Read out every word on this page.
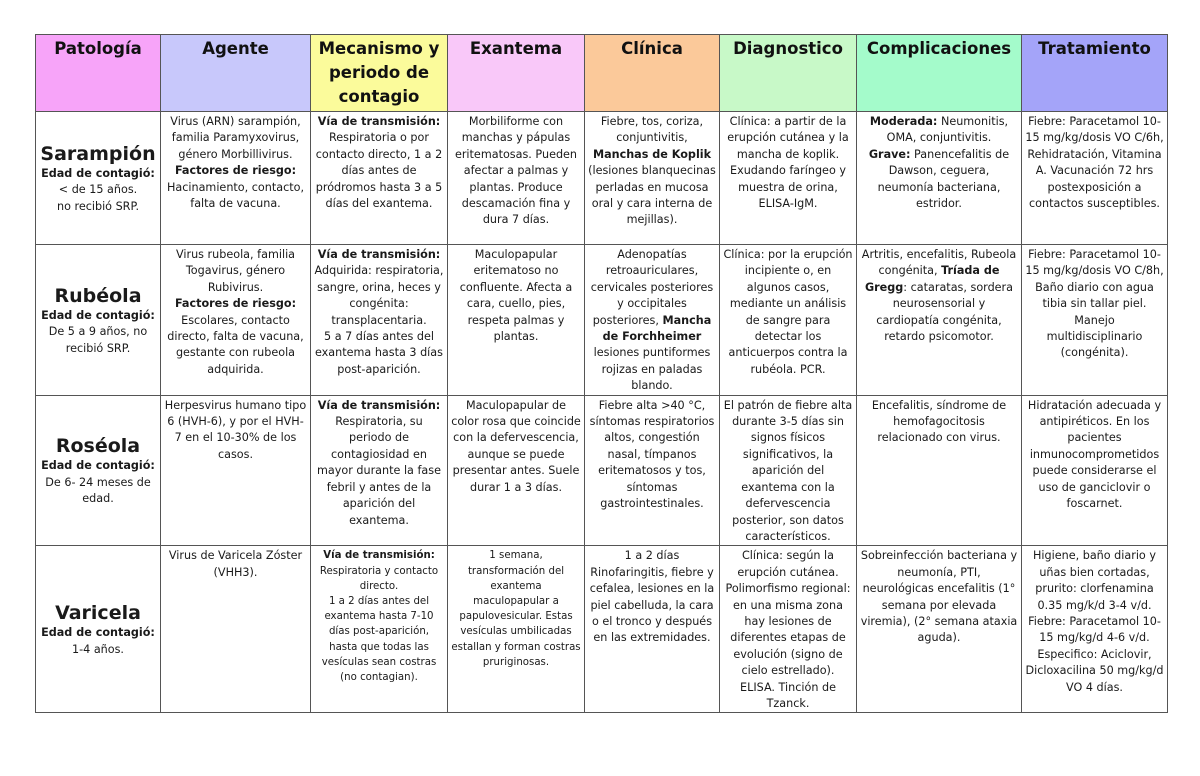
Patología	Agente	Mecanismo y periodo de contagio	Exantema	Clínica	Diagnostico	Complicaciones	Tratamiento

Sarampión
Edad de contagió:
< de 15 años.
no recibió SRP.	Virus (ARN) sarampión, familia Paramyxovirus, género Morbillivirus.
Factores de riesgo:
Hacinamiento, contacto, falta de vacuna.	Vía de transmisión:
Respiratoria o por contacto directo, 1 a 2 días antes de pródromos hasta 3 a 5 días del exantema.	Morbiliforme con manchas y pápulas eritematosas. Pueden afectar a palmas y plantas. Produce descamación fina y dura 7 días.	Fiebre, tos, coriza, conjuntivitis, Manchas de Koplik (lesiones blanquecinas perladas en mucosa oral y cara interna de mejillas).	Clínica: a partir de la erupción cutánea y la mancha de koplik. Exudando faríngeo y muestra de orina, ELISA-IgM.	Moderada: Neumonitis, OMA, conjuntivitis.
Grave: Panencefalitis de Dawson, ceguera, neumonía bacteriana, estridor.	Fiebre: Paracetamol 10-15 mg/kg/dosis VO C/6h, Rehidratación, Vitamina A. Vacunación 72 hrs postexposición a contactos susceptibles.

Rubéola
Edad de contagió:
De 5 a 9 años, no recibió SRP.	Virus rubeola, familia Togavirus, género Rubivirus.
Factores de riesgo:
Escolares, contacto directo, falta de vacuna, gestante con rubeola adquirida.	Vía de transmisión:
Adquirida: respiratoria, sangre, orina, heces y congénita: transplacentaria.
5 a 7 días antes del exantema hasta 3 días post-aparición.	Maculopapular eritematoso no confluente. Afecta a cara, cuello, pies, respeta palmas y plantas.	Adenopatías retroauriculares, cervicales posteriores y occipitales posteriores, Mancha de Forchheimer lesiones puntiformes rojizas en paladas blando.	Clínica: por la erupción incipiente o, en algunos casos, mediante un análisis de sangre para detectar los anticuerpos contra la rubéola. PCR.	Artritis, encefalitis, Rubeola congénita, Tríada de Gregg: cataratas, sordera neurosensorial y cardiopatía congénita, retardo psicomotor.	Fiebre: Paracetamol 10-15 mg/kg/dosis VO C/8h, Baño diario con agua tibia sin tallar piel. Manejo multidisciplinario (congénita).

Roséola
Edad de contagió:
De 6- 24 meses de edad.	Herpesvirus humano tipo 6 (HVH-6), y por el HVH-7 en el 10-30% de los casos.	Vía de transmisión:
Respiratoria, su periodo de contagiosidad en mayor durante la fase febril y antes de la aparición del exantema.	Maculopapular de color rosa que coincide con la defervescencia, aunque se puede presentar antes. Suele durar 1 a 3 días.	Fiebre alta >40 °C, síntomas respiratorios altos, congestión nasal, tímpanos eritematosos y tos, síntomas gastrointestinales.	El patrón de fiebre alta durante 3-5 días sin signos físicos significativos, la aparición del exantema con la defervescencia posterior, son datos característicos.	Encefalitis, síndrome de hemofagocitosis relacionado con virus.	Hidratación adecuada y antipiréticos. En los pacientes inmunocomprometidos puede considerarse el uso de ganciclovir o foscarnet.

Varicela
Edad de contagió:
1-4 años.	Virus de Varicela Zóster (VHH3).	Vía de transmisión:
Respiratoria y contacto directo.
1 a 2 días antes del exantema hasta 7-10 días post-aparición, hasta que todas las vesículas sean costras (no contagian).	1 semana, transformación del exantema maculopapular a papulovesicular. Estas vesículas umbilicadas estallan y forman costras pruriginosas.	1 a 2 días Rinofaringitis, fiebre y cefalea, lesiones en la piel cabelluda, la cara o el tronco y después en las extremidades.	Clínica: según la erupción cutánea. Polimorfismo regional: en una misma zona hay lesiones de diferentes etapas de evolución (signo de cielo estrellado). ELISA. Tinción de Tzanck.	Sobreinfección bacteriana y neumonía, PTI, neurológicas encefalitis (1° semana por elevada viremia), (2° semana ataxia aguda).	Higiene, baño diario y uñas bien cortadas, prurito: clorfenamina 0.35 mg/k/d 3-4 v/d. Fiebre: Paracetamol 10-15 mg/kg/d 4-6 v/d. Especifico: Aciclovir, Dicloxacilina 50 mg/kg/d VO 4 días.
